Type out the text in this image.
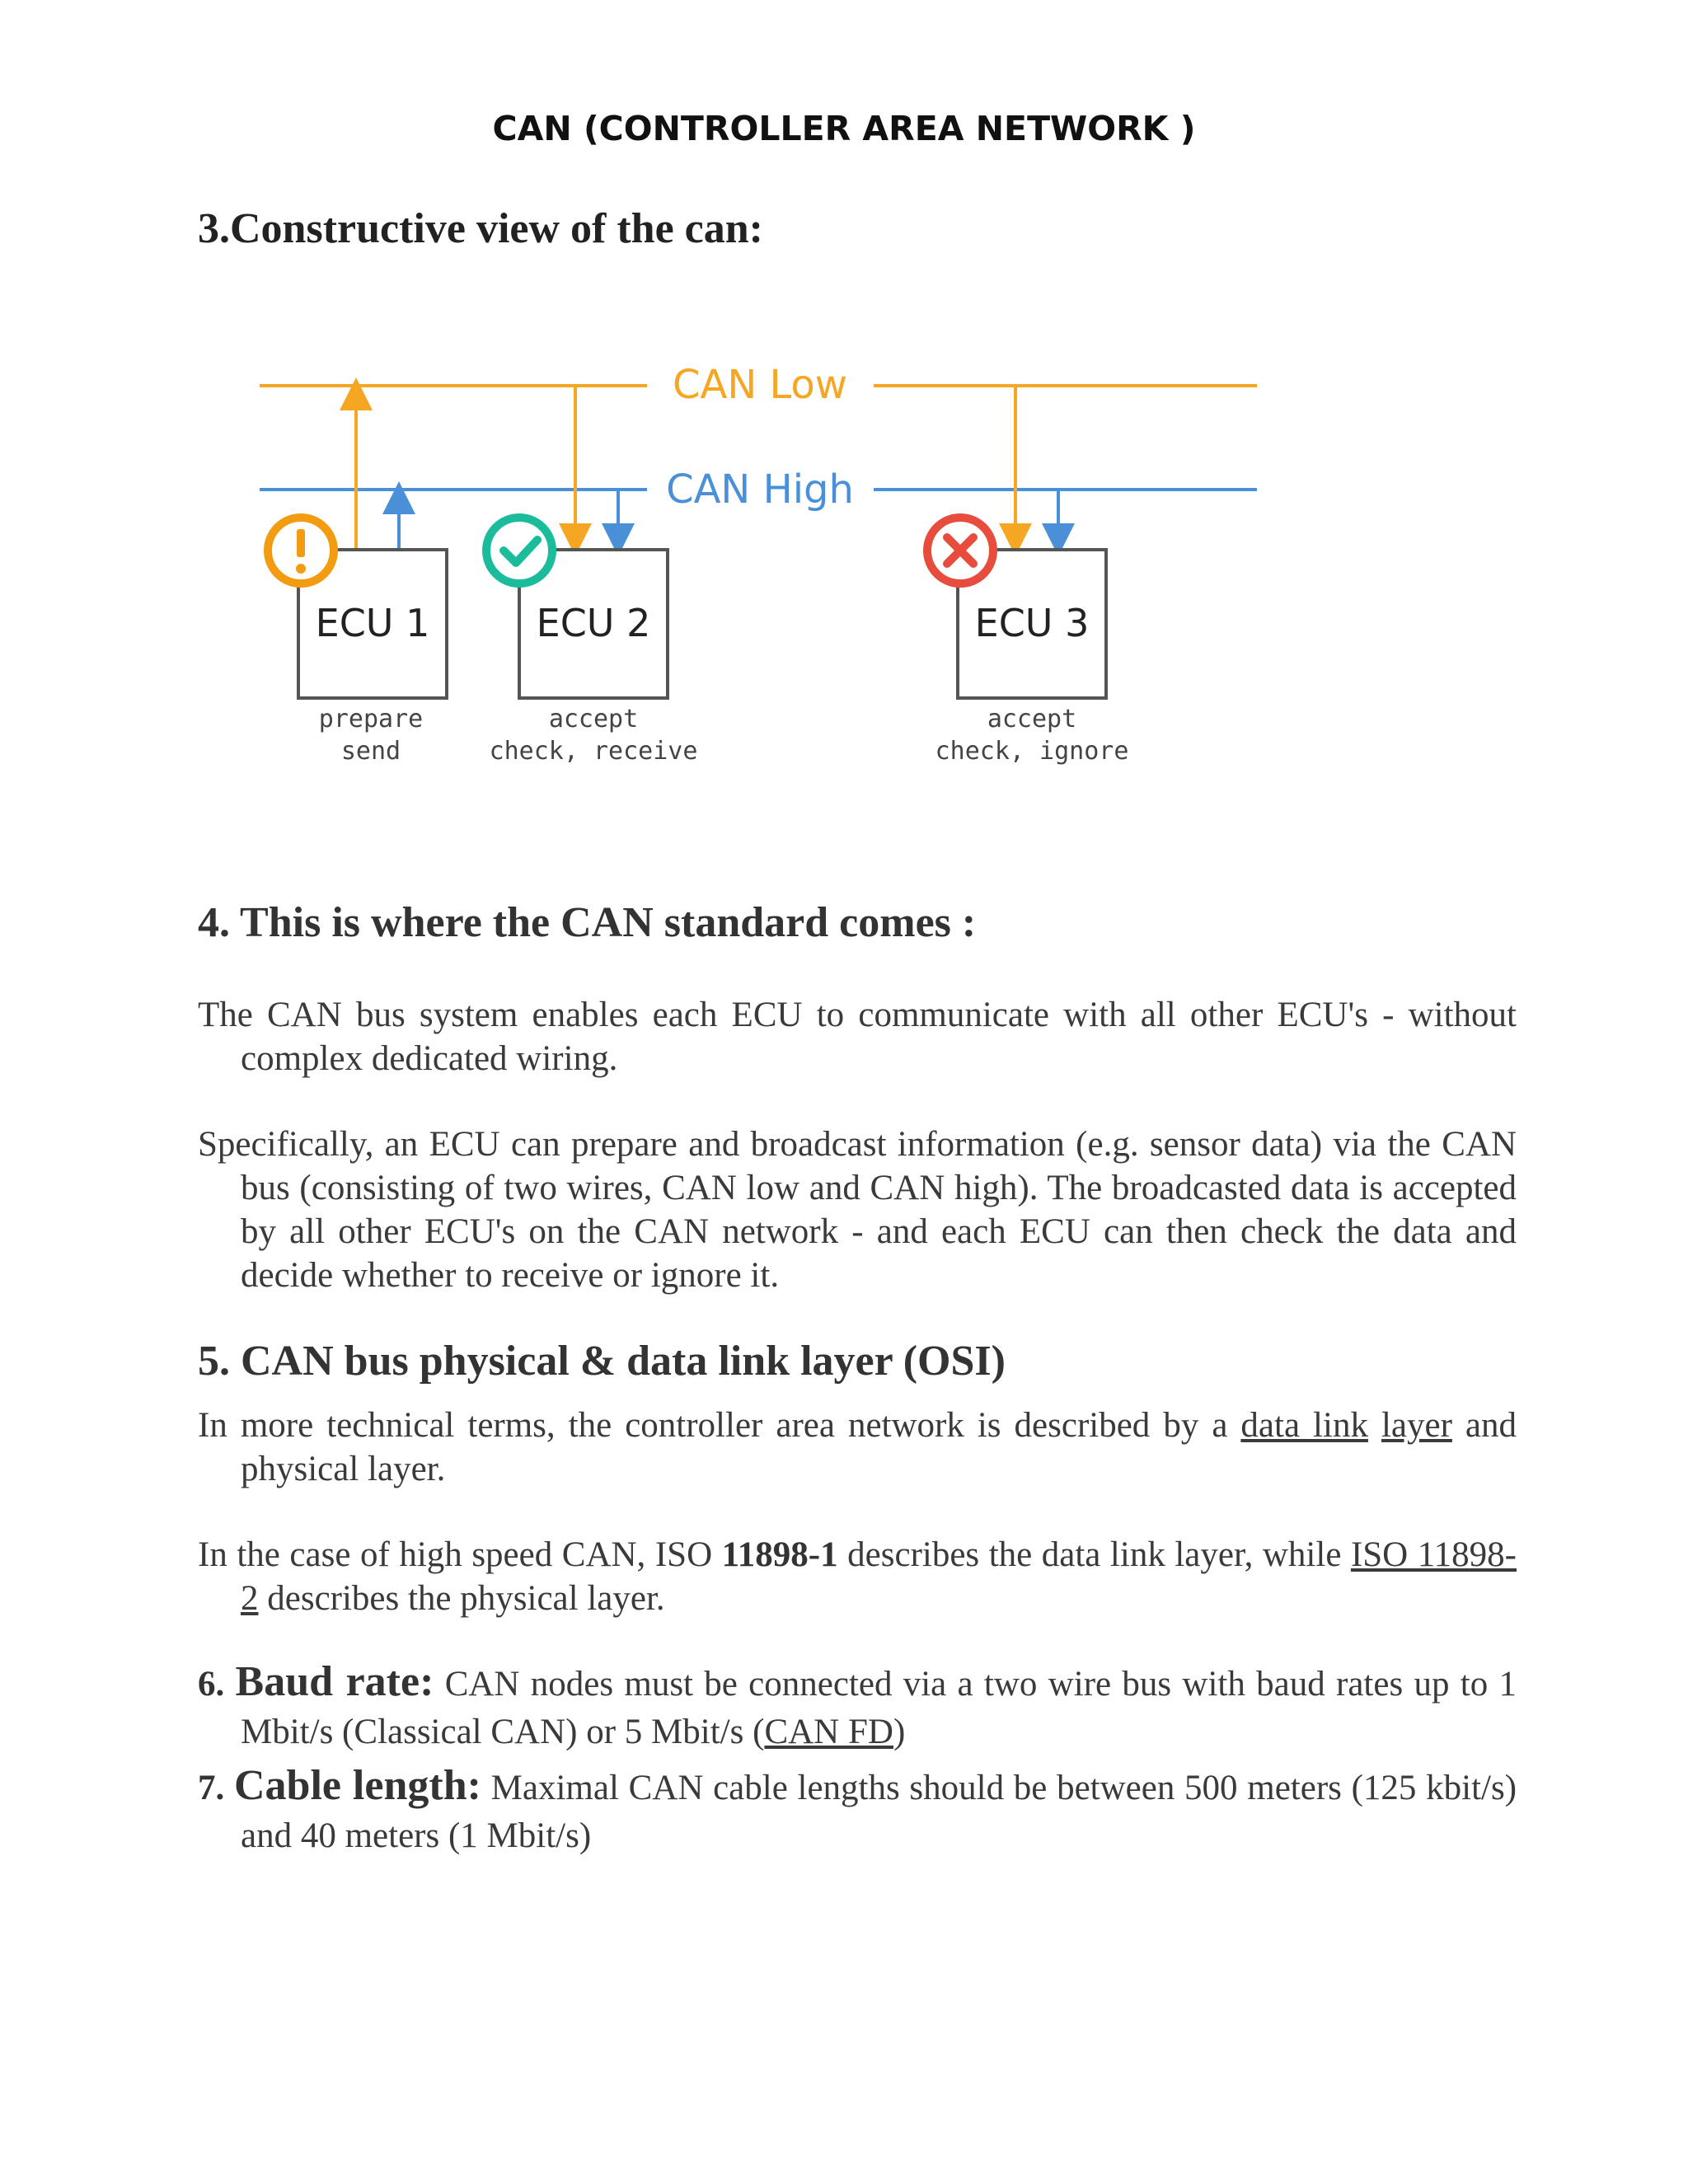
CAN (CONTROLLER AREA NETWORK )
3.Constructive view of the can:
CAN Low
CAN High
ECU 1	ECU 2	ECU 3
prepare
send
accept
check, receive
accept
check, ignore
4. This is where the CAN standard comes :

The CAN bus system enables each ECU to communicate with all other ECU's - without complex dedicated wiring.

Specifically, an ECU can prepare and broadcast information (e.g. sensor data) via the CAN bus (consisting of two wires, CAN low and CAN high). The broadcasted data is accepted by all other ECU's on the CAN network - and each ECU can then check the data and decide whether to receive or ignore it.

5. CAN bus physical & data link layer (OSI)

In more technical terms, the controller area network is described by a data link layer and physical layer.

In the case of high speed CAN, ISO 11898-1 describes the data link layer, while ISO 11898-2 describes the physical layer.

6. Baud rate: CAN nodes must be connected via a two wire bus with baud rates up to 1 Mbit/s (Classical CAN) or 5 Mbit/s (CAN FD)

7. Cable length: Maximal CAN cable lengths should be between 500 meters (125 kbit/s) and 40 meters (1 Mbit/s)
